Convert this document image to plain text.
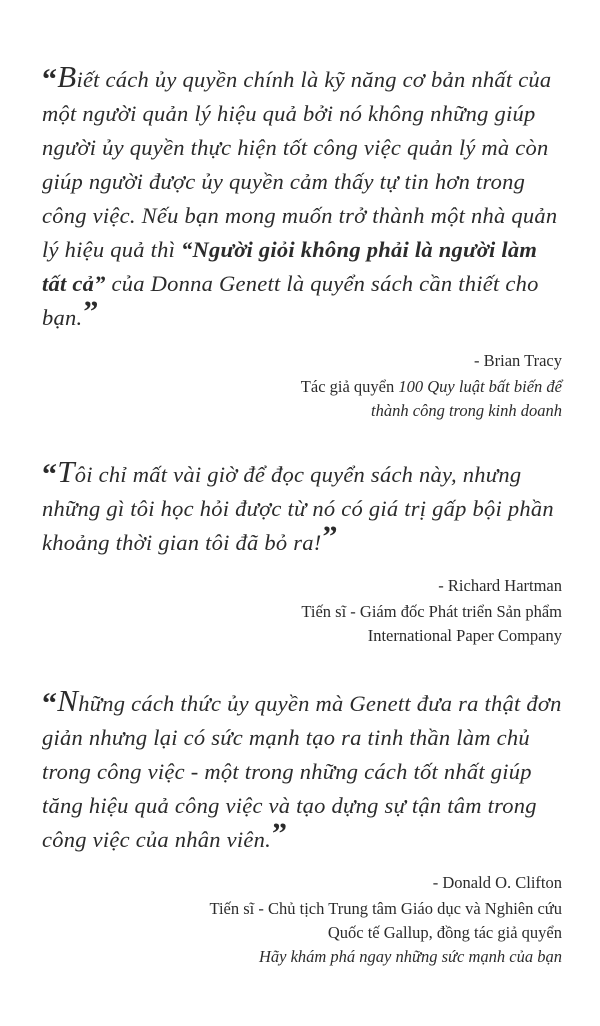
“Biết cách ủy quyền chính là kỹ năng cơ bản nhất của một người quản lý hiệu quả bởi nó không những giúp người ủy quyền thực hiện tốt công việc quản lý mà còn giúp người được ủy quyền cảm thấy tự tin hơn trong công việc. Nếu bạn mong muốn trở thành một nhà quản lý hiệu quả thì “Người giỏi không phải là người làm tất cả” của Donna Genett là quyển sách cần thiết cho bạn.”

- Brian Tracy
Tác giả quyển 100 Quy luật bất biến để
thành công trong kinh doanh

“Tôi chỉ mất vài giờ để đọc quyển sách này, nhưng những gì tôi học hỏi được từ nó có giá trị gấp bội phần khoảng thời gian tôi đã bỏ ra!”

- Richard Hartman
Tiến sĩ - Giám đốc Phát triển Sản phẩm
International Paper Company

“Những cách thức ủy quyền mà Genett đưa ra thật đơn giản nhưng lại có sức mạnh tạo ra tinh thần làm chủ trong công việc - một trong những cách tốt nhất giúp tăng hiệu quả công việc và tạo dựng sự tận tâm trong công việc của nhân viên.”

- Donald O. Clifton
Tiến sĩ - Chủ tịch Trung tâm Giáo dục và Nghiên cứu
Quốc tế Gallup, đồng tác giả quyển
Hãy khám phá ngay những sức mạnh của bạn
